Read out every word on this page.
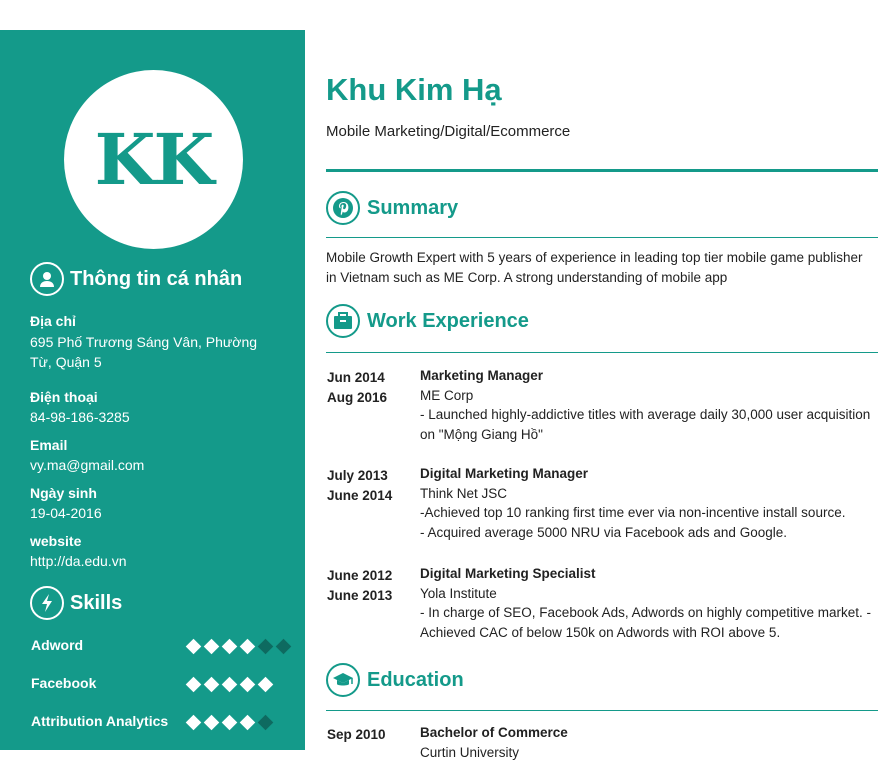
KK
Thông tin cá nhân
Địa chỉ
695 Phố Trương Sáng Vân, Phường Từ, Quận 5
Điện thoại
84-98-186-3285
Email
vy.ma@gmail.com
Ngày sinh
19-04-2016
website
http://da.edu.vn
Skills
Adword
Facebook
Attribution Analytics
Khu Kim Hạ
Mobile Marketing/Digital/Ecommerce
Summary
Mobile Growth Expert with 5 years of experience in leading top tier mobile game publisher in Vietnam such as ME Corp. A strong understanding of mobile app
Work Experience
Jun 2014
Aug 2016
Marketing Manager
ME Corp
- Launched highly-addictive titles with average daily 30,000 user acquisition on "Mộng Giang Hồ"
July 2013
June 2014
Digital Marketing Manager
Think Net JSC
-Achieved top 10 ranking first time ever via non-incentive install source.
- Acquired average 5000 NRU via Facebook ads and Google.
June 2012
June 2013
Digital Marketing Specialist
Yola Institute
- In charge of SEO, Facebook Ads, Adwords on highly competitive market. - Achieved CAC of below 150k on Adwords with ROI above 5.
Education
Sep 2010	Bachelor of Commerce
Curtin University
